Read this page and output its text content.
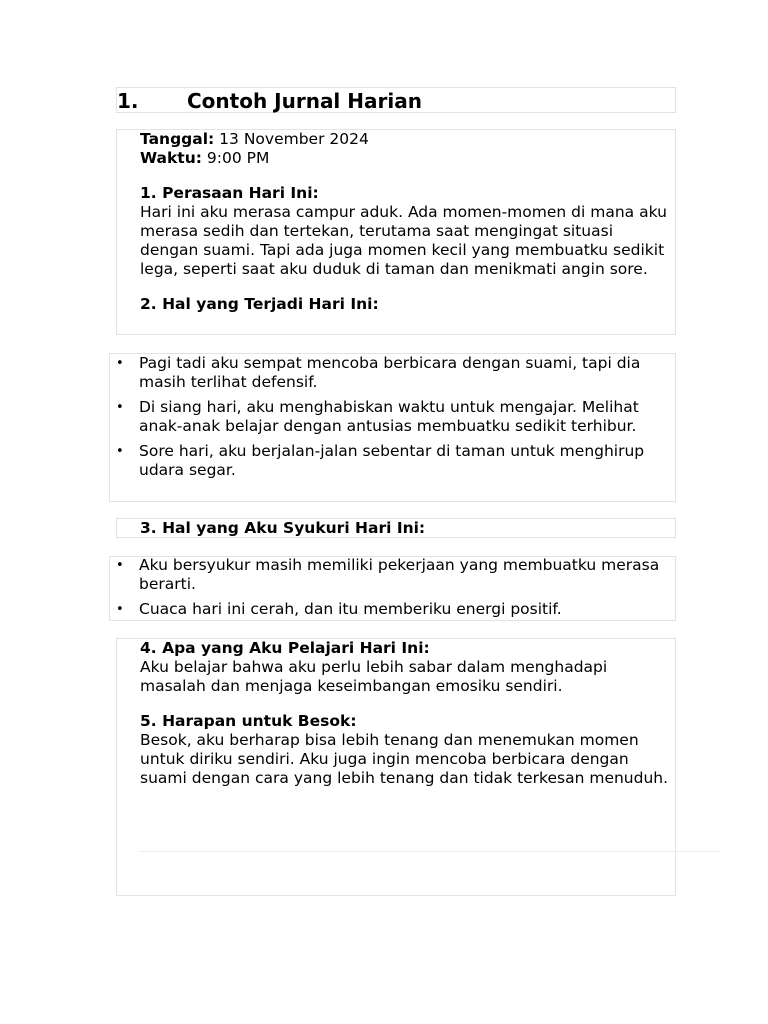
1. Contoh Jurnal Harian

Tanggal: 13 November 2024

Waktu: 9:00 PM

1. Perasaan Hari Ini:

Hari ini aku merasa campur aduk. Ada momen-momen di mana aku merasa sedih dan tertekan, terutama saat mengingat situasi dengan suami. Tapi ada juga momen kecil yang membuatku sedikit lega, seperti saat aku duduk di taman dan menikmati angin sore.

2. Hal yang Terjadi Hari Ini:

• Pagi tadi aku sempat mencoba berbicara dengan suami, tapi dia masih terlihat defensif.
• Di siang hari, aku menghabiskan waktu untuk mengajar. Melihat anak-anak belajar dengan antusias membuatku sedikit terhibur.
• Sore hari, aku berjalan-jalan sebentar di taman untuk menghirup udara segar.

3. Hal yang Aku Syukuri Hari Ini:

• Aku bersyukur masih memiliki pekerjaan yang membuatku merasa berarti.
• Cuaca hari ini cerah, dan itu memberiku energi positif.

4. Apa yang Aku Pelajari Hari Ini:

Aku belajar bahwa aku perlu lebih sabar dalam menghadapi masalah dan menjaga keseimbangan emosiku sendiri.

5. Harapan untuk Besok:

Besok, aku berharap bisa lebih tenang dan menemukan momen untuk diriku sendiri. Aku juga ingin mencoba berbicara dengan suami dengan cara yang lebih tenang dan tidak terkesan menuduh.
